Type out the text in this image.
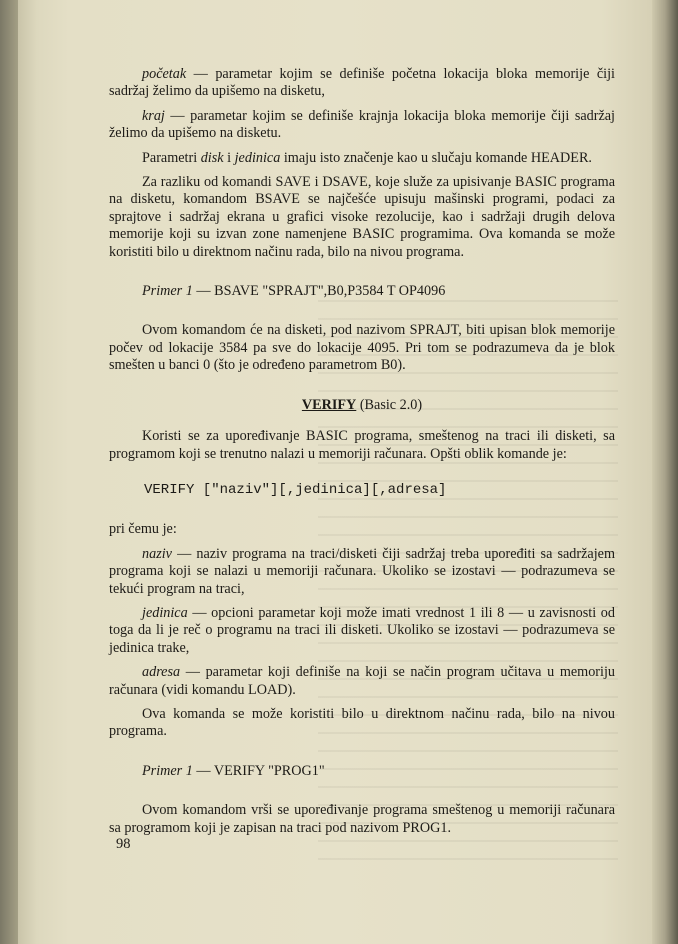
početak — parametar kojim se definiše početna lokacija bloka memorije čiji sadržaj želimo da upišemo na disketu,

kraj — parametar kojim se definiše krajnja lokacija bloka memorije čiji sadržaj želimo da upišemo na disketu.

Parametri disk i jedinica imaju isto značenje kao u slučaju komande HEADER.

Za razliku od komandi SAVE i DSAVE, koje služe za upisivanje BASIC programa na disketu, komandom BSAVE se najčešće upisuju mašinski programi, podaci za sprajtove i sadržaj ekrana u grafici visoke rezolucije, kao i sadržaji drugih delova memorije koji su izvan zone namenjene BASIC programima. Ova komanda se može koristiti bilo u direktnom načinu rada, bilo na nivou programa.

Primer 1 — BSAVE "SPRAJT",B0,P3584 T OP4096

Ovom komandom će na disketi, pod nazivom SPRAJT, biti upisan blok memorije počev od lokacije 3584 pa sve do lokacije 4095. Pri tom se podrazumeva da je blok smešten u banci 0 (što je određeno parametrom B0).

VERIFY (Basic 2.0)

Koristi se za upoređivanje BASIC programa, smeštenog na traci ili disketi, sa programom koji se trenutno nalazi u memoriji računara. Opšti oblik komande je:

VERIFY ["naziv"][,jedinica][,adresa]

pri čemu je:

naziv — naziv programa na traci/disketi čiji sadržaj treba upoređiti sa sadržajem programa koji se nalazi u memoriji računara. Ukoliko se izostavi — podrazumeva se tekući program na traci,

jedinica — opcioni parametar koji može imati vrednost 1 ili 8 — u zavisnosti od toga da li je reč o programu na traci ili disketi. Ukoliko se izostavi — podrazumeva se jedinica trake,

adresa — parametar koji definiše na koji se način program učitava u memoriju računara (vidi komandu LOAD).

Ova komanda se može koristiti bilo u direktnom načinu rada, bilo na nivou programa.

Primer 1 — VERIFY "PROG1"

Ovom komandom vrši se upoređivanje programa smeštenog u memoriji računara sa programom koji je zapisan na traci pod nazivom PROG1.

98
